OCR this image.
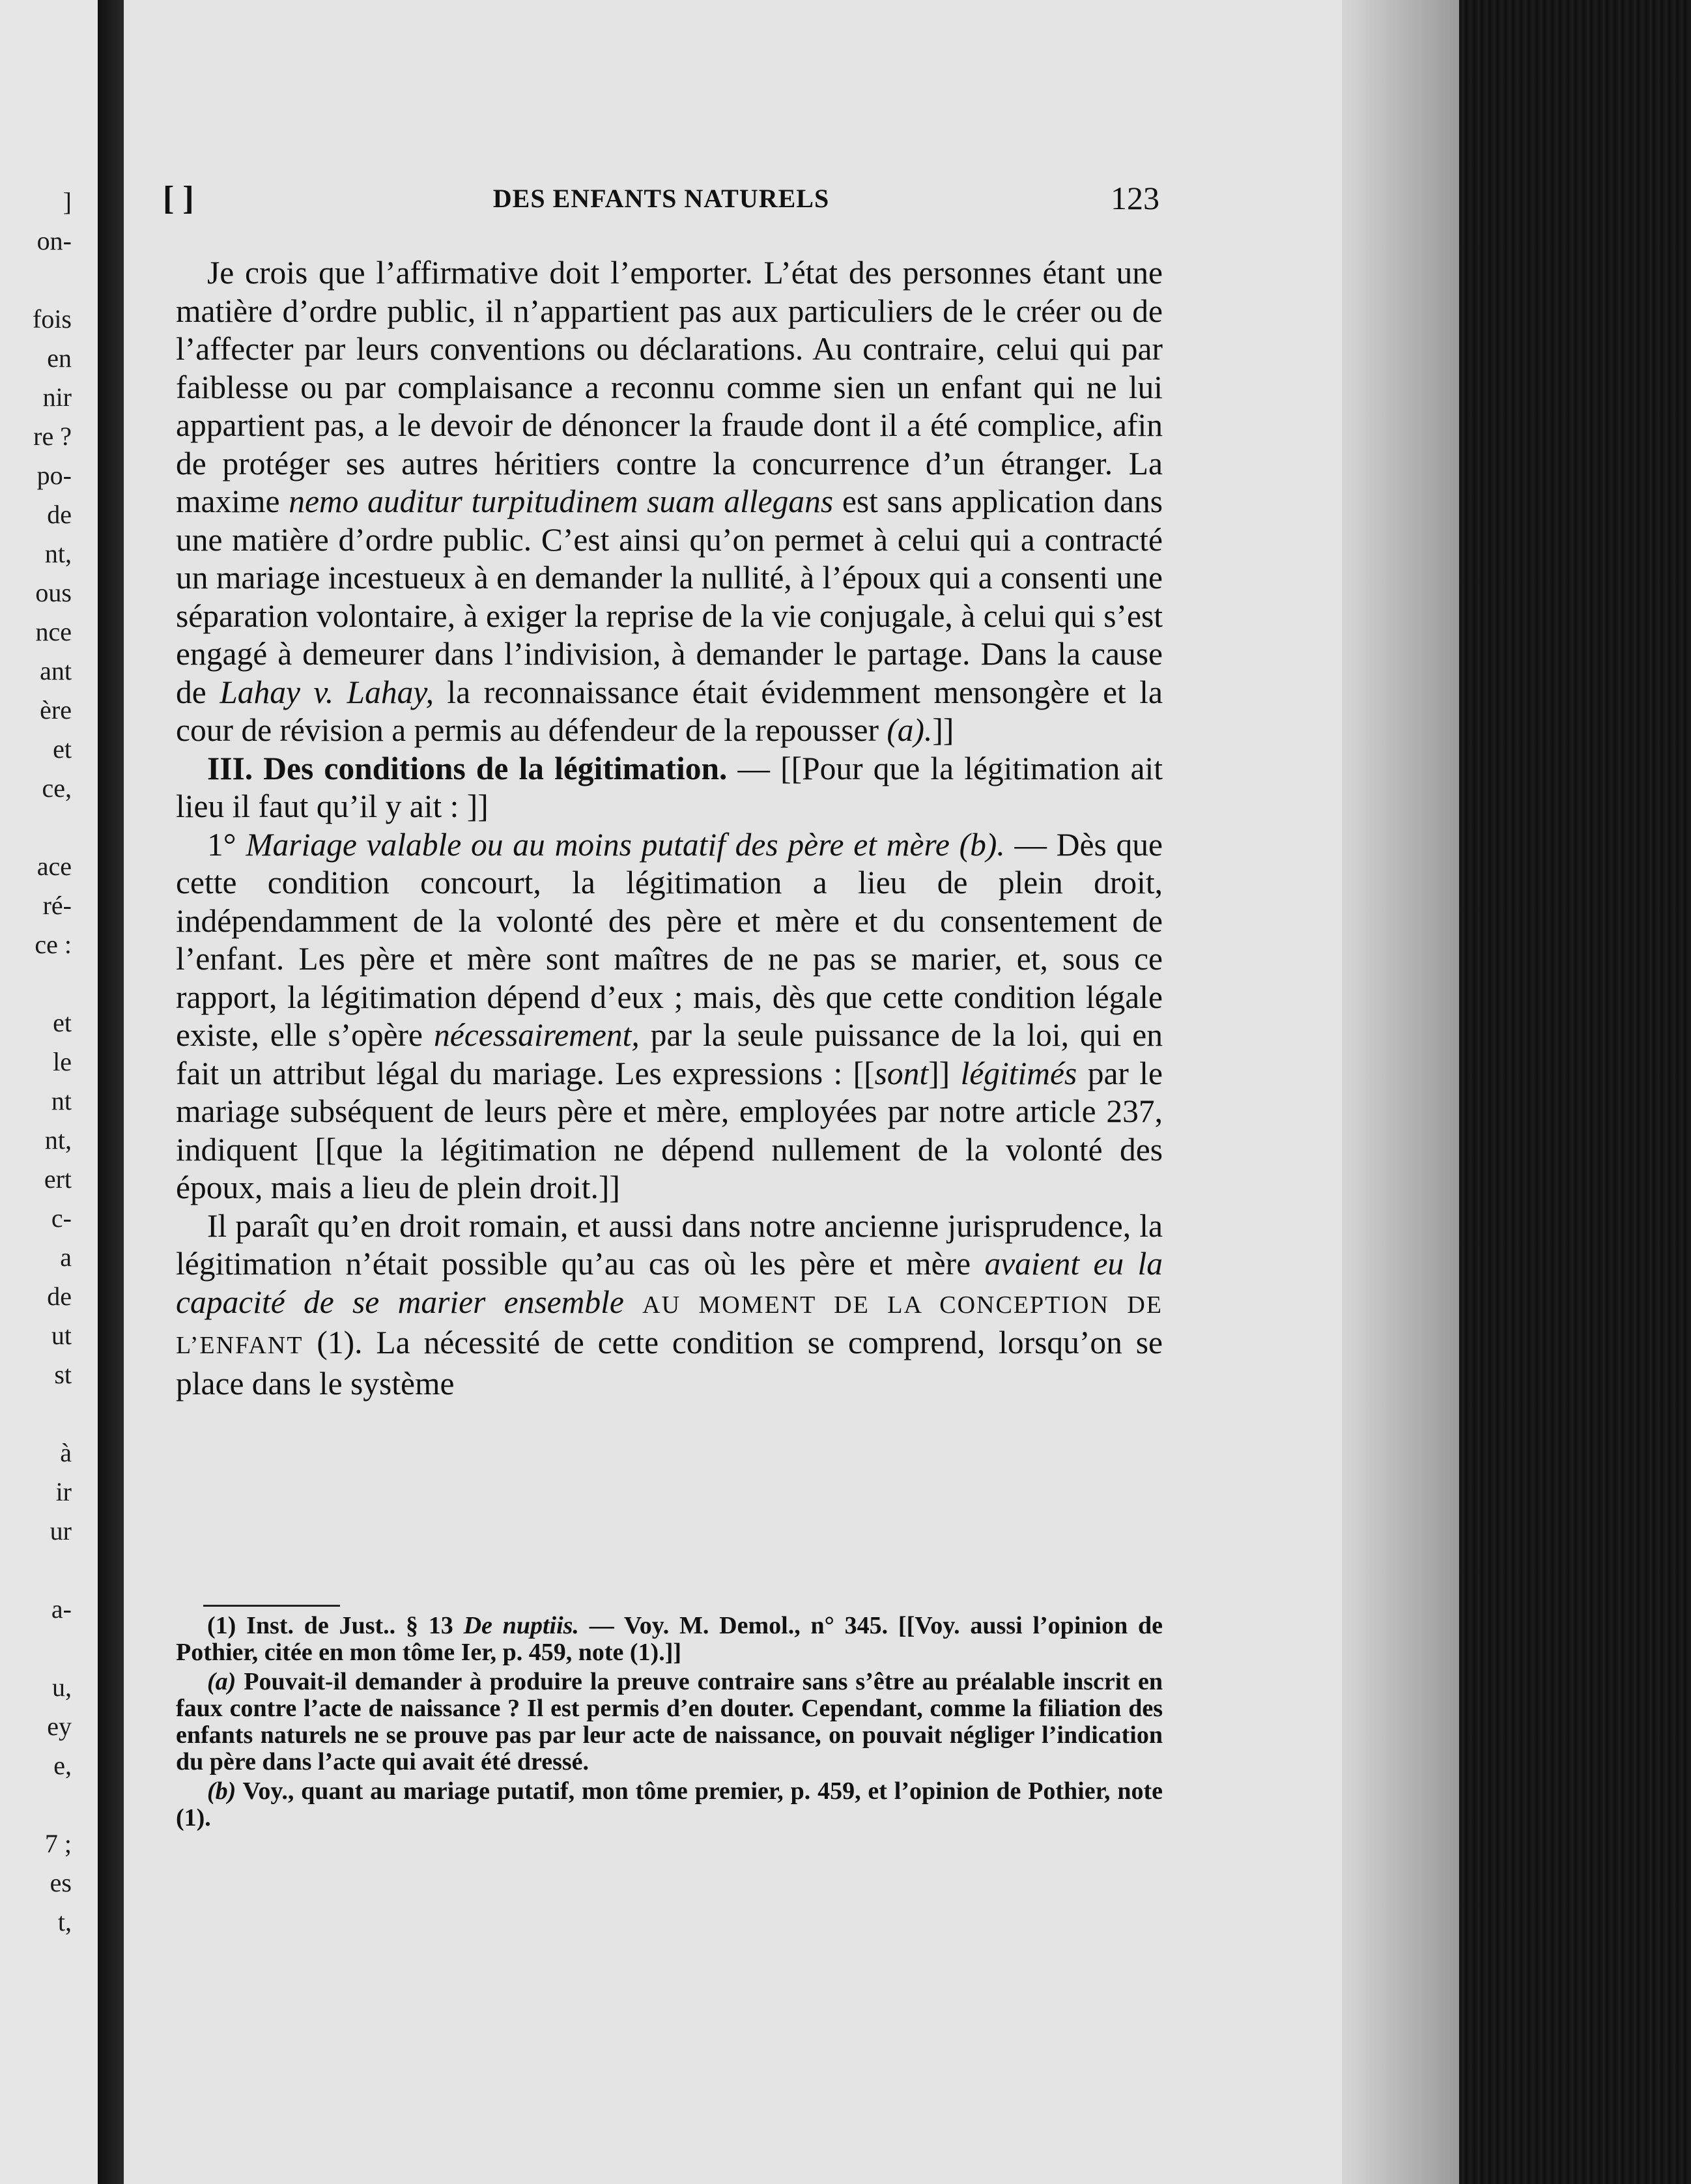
]
on-
fois
en
nir
re ?
po-
de
nt,
ous
nce
ant
ère
et
ce,
ace
ré-
ce :
et
le
nt
nt,
ert
c-
a
de
ut
st
à
ir
ur
a-
u,
ey
e,
7 ;
es
t,
[ ]	DES ENFANTS NATURELS	123

Je crois que l’affirmative doit l’emporter. L’état des personnes étant une matière d’ordre public, il n’appartient pas aux particuliers de le créer ou de l’affecter par leurs conventions ou déclarations. Au contraire, celui qui par faiblesse ou par complaisance a reconnu comme sien un enfant qui ne lui appartient pas, a le devoir de dénoncer la fraude dont il a été complice, afin de protéger ses autres héritiers contre la concurrence d’un étranger. La maxime nemo auditur turpitudinem suam allegans est sans application dans une matière d’ordre public. C’est ainsi qu’on permet à celui qui a contracté un mariage incestueux à en demander la nullité, à l’époux qui a consenti une séparation volontaire, à exiger la reprise de la vie conjugale, à celui qui s’est engagé à demeurer dans l’indivision, à demander le partage. Dans la cause de Lahay v. Lahay, la reconnaissance était évidemment mensongère et la cour de révision a permis au défendeur de la repousser (a).]]

III. Des conditions de la légitimation. — [[Pour que la légitimation ait lieu il faut qu’il y ait : ]]

1° Mariage valable ou au moins putatif des père et mère (b). — Dès que cette condition concourt, la légitimation a lieu de plein droit, indépendamment de la volonté des père et mère et du consentement de l’enfant. Les père et mère sont maîtres de ne pas se marier, et, sous ce rapport, la légitimation dépend d’eux ; mais, dès que cette condition légale existe, elle s’opère nécessairement, par la seule puissance de la loi, qui en fait un attribut légal du mariage. Les expressions : [[sont]] légitimés par le mariage subséquent de leurs père et mère, employées par notre article 237, indiquent [[que la légitimation ne dépend nullement de la volonté des époux, mais a lieu de plein droit.]]

Il paraît qu’en droit romain, et aussi dans notre ancienne jurisprudence, la légitimation n’était possible qu’au cas où les père et mère avaient eu la capacité de se marier ensemble AU MOMENT DE LA CONCEPTION DE L’ENFANT (1). La nécessité de cette condition se comprend, lorsqu’on se place dans le système

(1) Inst. de Just.. § 13 De nuptiis. — Voy. M. Demol., n° 345. [[Voy. aussi l’opinion de Pothier, citée en mon tôme Ier, p. 459, note (1).]]

(a) Pouvait-il demander à produire la preuve contraire sans s’être au préalable inscrit en faux contre l’acte de naissance ? Il est permis d’en douter. Cependant, comme la filiation des enfants naturels ne se prouve pas par leur acte de naissance, on pouvait négliger l’indication du père dans l’acte qui avait été dressé.

(b) Voy., quant au mariage putatif, mon tôme premier, p. 459, et l’opinion de Pothier, note (1).
